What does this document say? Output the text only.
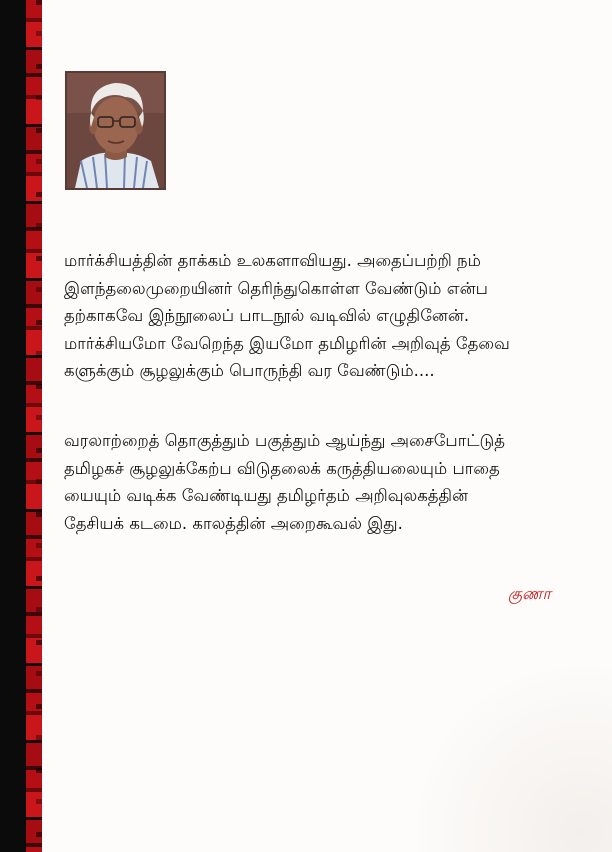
மார்க்சியத்தின் தாக்கம் உலகளாவியது. அதைப்பற்றி நம்

இளந்தலைமுறையினர் தெரிந்துகொள்ள வேண்டும் என்ப

தற்காகவே இந்நூலைப் பாடநூல் வடிவில் எழுதினேன்.

மார்க்சியமோ வேறெந்த இயமோ தமிழரின் அறிவுத் தேவை

களுக்கும் சூழலுக்கும் பொருந்தி வர வேண்டும்....

வரலாற்றைத் தொகுத்தும் பகுத்தும் ஆய்ந்து அசைபோட்டுத்

தமிழகச் சூழலுக்கேற்ப விடுதலைக் கருத்தியலையும் பாதை

யையும் வடிக்க வேண்டியது தமிழர்தம் அறிவுலகத்தின்

தேசியக் கடமை. காலத்தின் அறைகூவல் இது.

குணா
